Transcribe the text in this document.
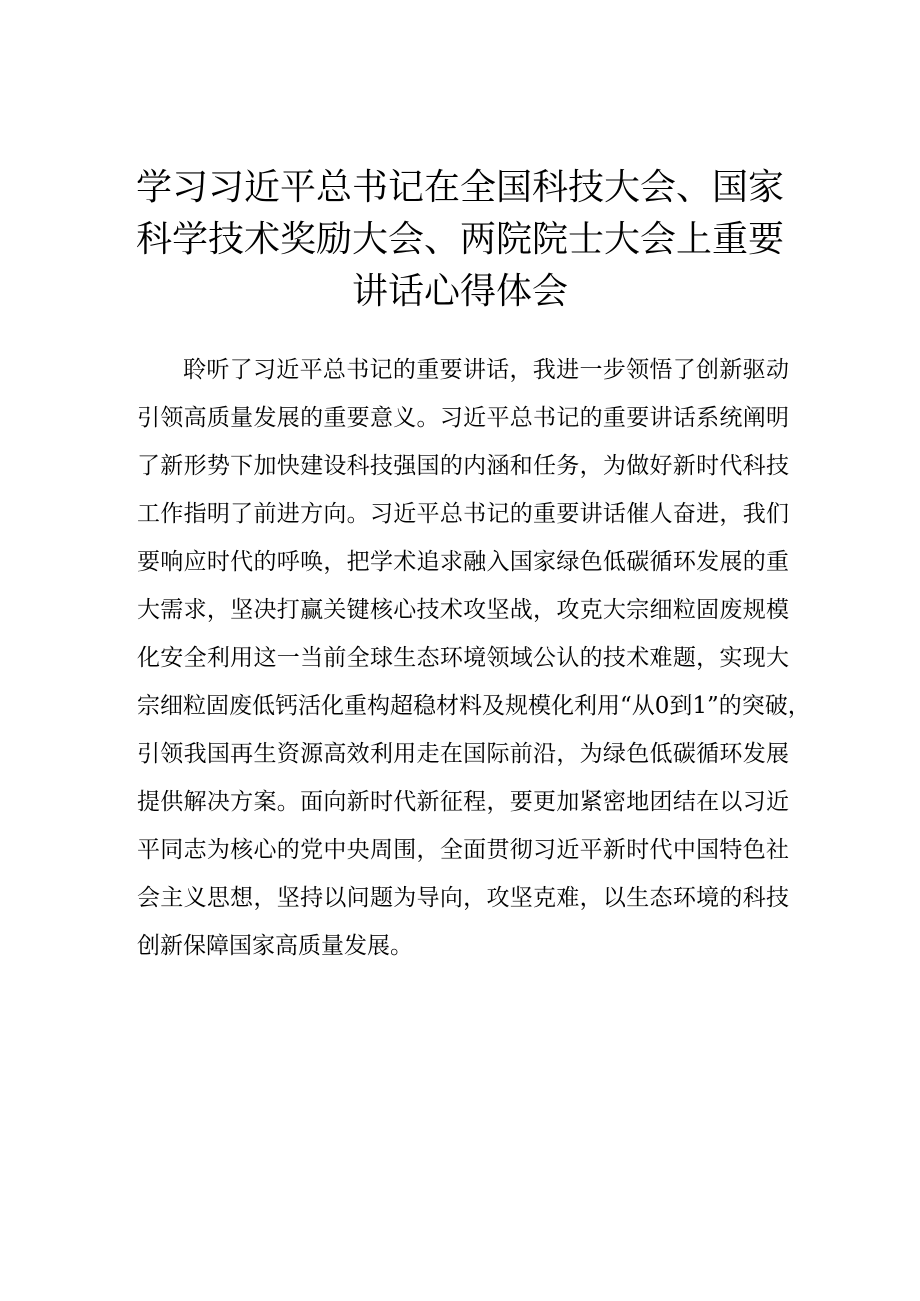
学习习近平总书记在全国科技大会、国家
科学技术奖励大会、两院院士大会上重要
讲话心得体会
聆听了习近平总书记的重要讲话，我进一步领悟了创新驱动
引领高质量发展的重要意义。习近平总书记的重要讲话系统阐明
了新形势下加快建设科技强国的内涵和任务，为做好新时代科技
工作指明了前进方向。习近平总书记的重要讲话催人奋进，我们
要响应时代的呼唤，把学术追求融入国家绿色低碳循环发展的重
大需求，坚决打赢关键核心技术攻坚战，攻克大宗细粒固废规模
化安全利用这一当前全球生态环境领域公认的技术难题，实现大
宗细粒固废低钙活化重构超稳材料及规模化利用“从0到1”的突破，
引领我国再生资源高效利用走在国际前沿，为绿色低碳循环发展
提供解决方案。面向新时代新征程，要更加紧密地团结在以习近
平同志为核心的党中央周围，全面贯彻习近平新时代中国特色社
会主义思想，坚持以问题为导向，攻坚克难，以生态环境的科技
创新保障国家高质量发展。
